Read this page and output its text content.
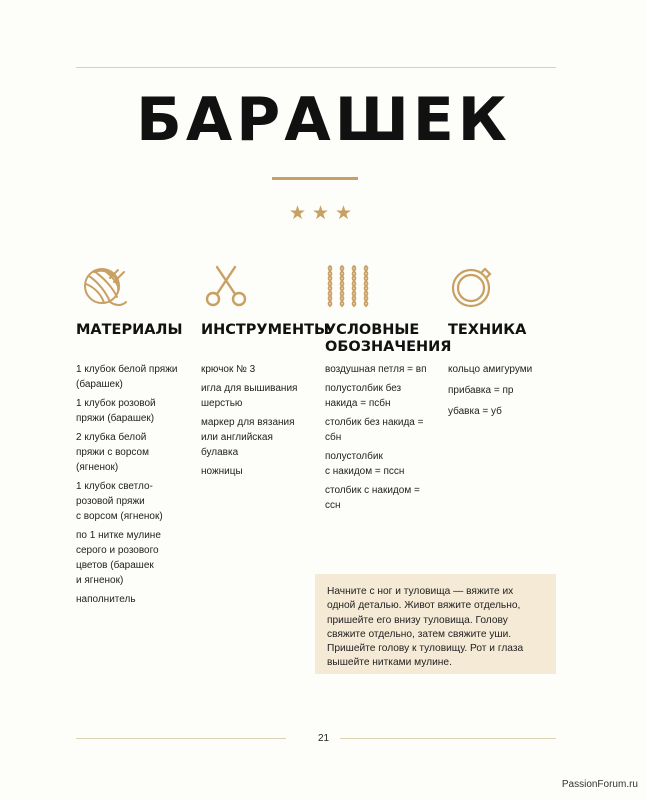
БАРАШЕК
★★★
МАТЕРИАЛЫ	ИНСТРУМЕНТЫ
УСЛОВНЫЕ
ОБОЗНАЧЕНИЯ
ТЕХНИКА

1 клубок белой пряжи
(барашек)

1 клубок розовой
пряжи (барашек)

2 клубка белой
пряжи с ворсом
(ягненок)

1 клубок светло-
розовой пряжи
с ворсом (ягненок)

по 1 нитке мулине
серого и розового
цветов (барашек
и ягненок)

наполнитель

крючок № 3

игла для вышивания
шерстью

маркер для вязания
или английская
булавка

ножницы

воздушная петля = вп

полустолбик без
накида = псбн

столбик без накида =
сбн

полустолбик
с накидом = пссн

столбик с накидом =
ссн

кольцо амигуруми

прибавка = пр

убавка = уб

Начните с ног и туловища — вяжите их одной деталью. Живот вяжите отдельно, пришейте его внизу туловища. Голову свяжите отдельно, затем свяжите уши. Пришейте голову к туловищу. Рот и глаза вышейте нитками мулине.
21
PassionForum.ru
